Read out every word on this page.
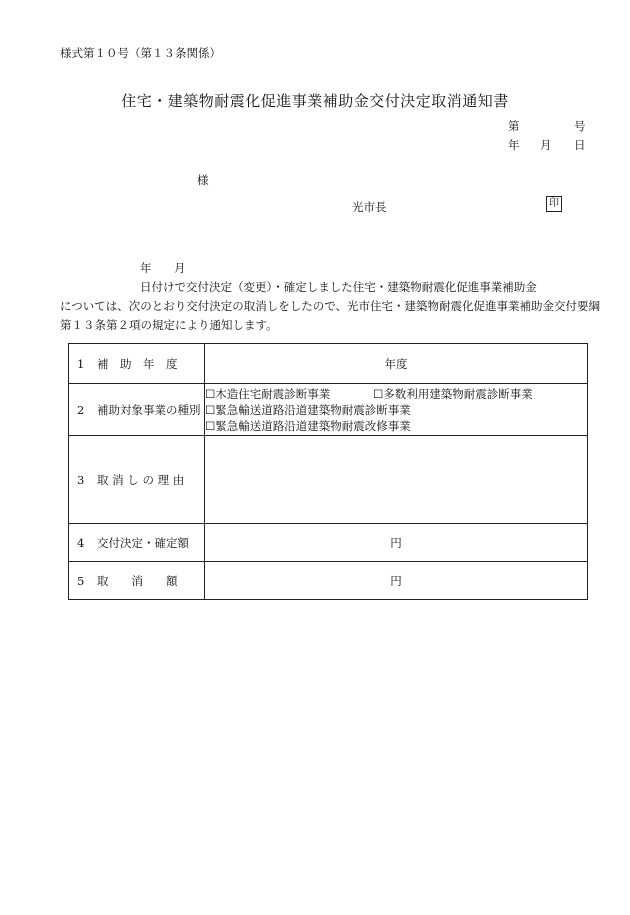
様式第１０号（第１３条関係）
住宅・建築物耐震化促進事業補助金交付決定取消通知書
第	号
年 月 日
様
光市長	印
年 月日付けで交付決定（変更）・確定しました住宅・建築物耐震化促進事業補助金
については、次のとおり交付決定の取消しをしたので、光市住宅・建築物耐震化促進事業補助金交付要綱
第１３条第２項の規定により通知します。
1 補　助　年　度	年度
2 補助対象事業の種別	☐木造住宅耐震診断事業 ☐多数利用建築物耐震診断事業
☐緊急輸送道路沿道建築物耐震診断事業
☐緊急輸送道路沿道建築物耐震改修事業

3 取 消 し の 理 由	
4 交付決定・確定額	円
5 取　　消　　額	円
